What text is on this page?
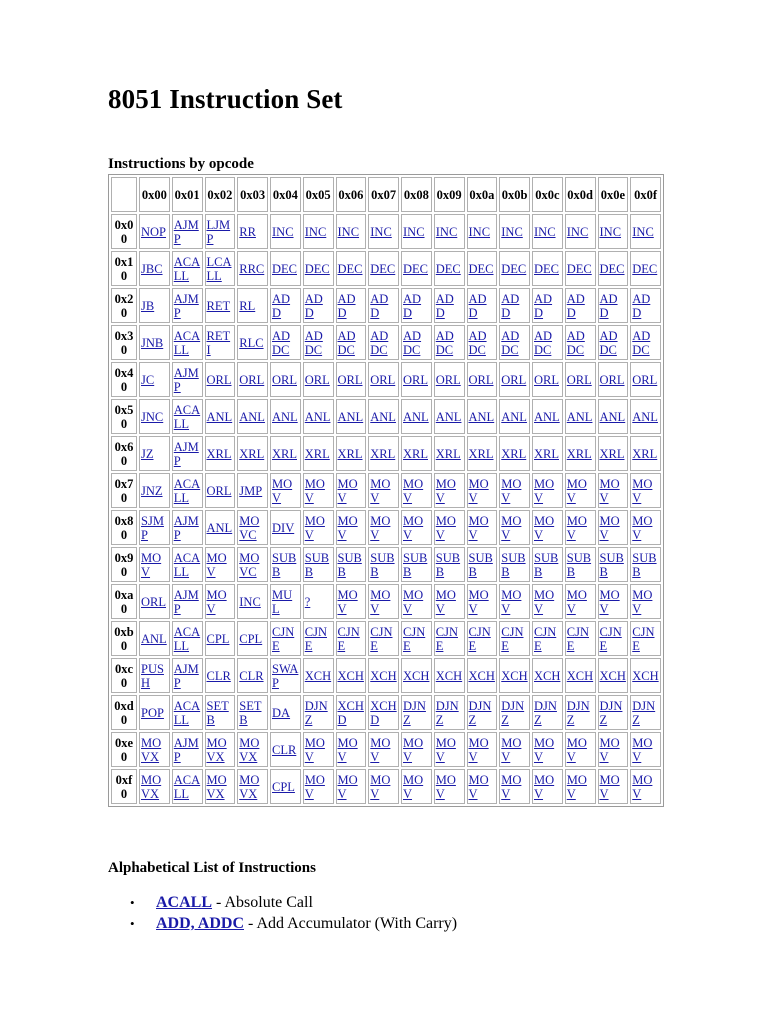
8051 Instruction Set
Instructions by opcode
	0x00	0x01	0x02	0x03	0x04	0x05	0x06	0x07	0x08	0x09	0x0a	0x0b	0x0c	0x0d	0x0e	0x0f
0x00	NOP	AJMP	LJMP	RR	INC	INC	INC	INC	INC	INC	INC	INC	INC	INC	INC	INC
0x10	JBC	ACALL	LCALL	RRC	DEC	DEC	DEC	DEC	DEC	DEC	DEC	DEC	DEC	DEC	DEC	DEC
0x20	JB	AJMP	RET	RL	ADD	ADD	ADD	ADD	ADD	ADD	ADD	ADD	ADD	ADD	ADD	ADD
0x30	JNB	ACALL	RETI	RLC	ADDC	ADDC	ADDC	ADDC	ADDC	ADDC	ADDC	ADDC	ADDC	ADDC	ADDC	ADDC
0x40	JC	AJMP	ORL	ORL	ORL	ORL	ORL	ORL	ORL	ORL	ORL	ORL	ORL	ORL	ORL	ORL
0x50	JNC	ACALL	ANL	ANL	ANL	ANL	ANL	ANL	ANL	ANL	ANL	ANL	ANL	ANL	ANL	ANL
0x60	JZ	AJMP	XRL	XRL	XRL	XRL	XRL	XRL	XRL	XRL	XRL	XRL	XRL	XRL	XRL	XRL
0x70	JNZ	ACALL	ORL	JMP	MOV	MOV	MOV	MOV	MOV	MOV	MOV	MOV	MOV	MOV	MOV	MOV
0x80	SJMP	AJMP	ANL	MOVC	DIV	MOV	MOV	MOV	MOV	MOV	MOV	MOV	MOV	MOV	MOV	MOV
0x90	MOV	ACALL	MOV	MOVC	SUBB	SUBB	SUBB	SUBB	SUBB	SUBB	SUBB	SUBB	SUBB	SUBB	SUBB	SUBB
0xa0	ORL	AJMP	MOV	INC	MUL	?	MOV	MOV	MOV	MOV	MOV	MOV	MOV	MOV	MOV	MOV
0xb0	ANL	ACALL	CPL	CPL	CJNE	CJNE	CJNE	CJNE	CJNE	CJNE	CJNE	CJNE	CJNE	CJNE	CJNE	CJNE
0xc0	PUSH	AJMP	CLR	CLR	SWAP	XCH	XCH	XCH	XCH	XCH	XCH	XCH	XCH	XCH	XCH	XCH
0xd0	POP	ACALL	SETB	SETB	DA	DJNZ	XCHD	XCHD	DJNZ	DJNZ	DJNZ	DJNZ	DJNZ	DJNZ	DJNZ	DJNZ
0xe0	MOVX	AJMP	MOVX	MOVX	CLR	MOV	MOV	MOV	MOV	MOV	MOV	MOV	MOV	MOV	MOV	MOV
0xf0	MOVX	ACALL	MOVX	MOVX	CPL	MOV	MOV	MOV	MOV	MOV	MOV	MOV	MOV	MOV	MOV	MOV
Alphabetical List of Instructions
• ACALL - Absolute Call
• ADD, ADDC - Add Accumulator (With Carry)
